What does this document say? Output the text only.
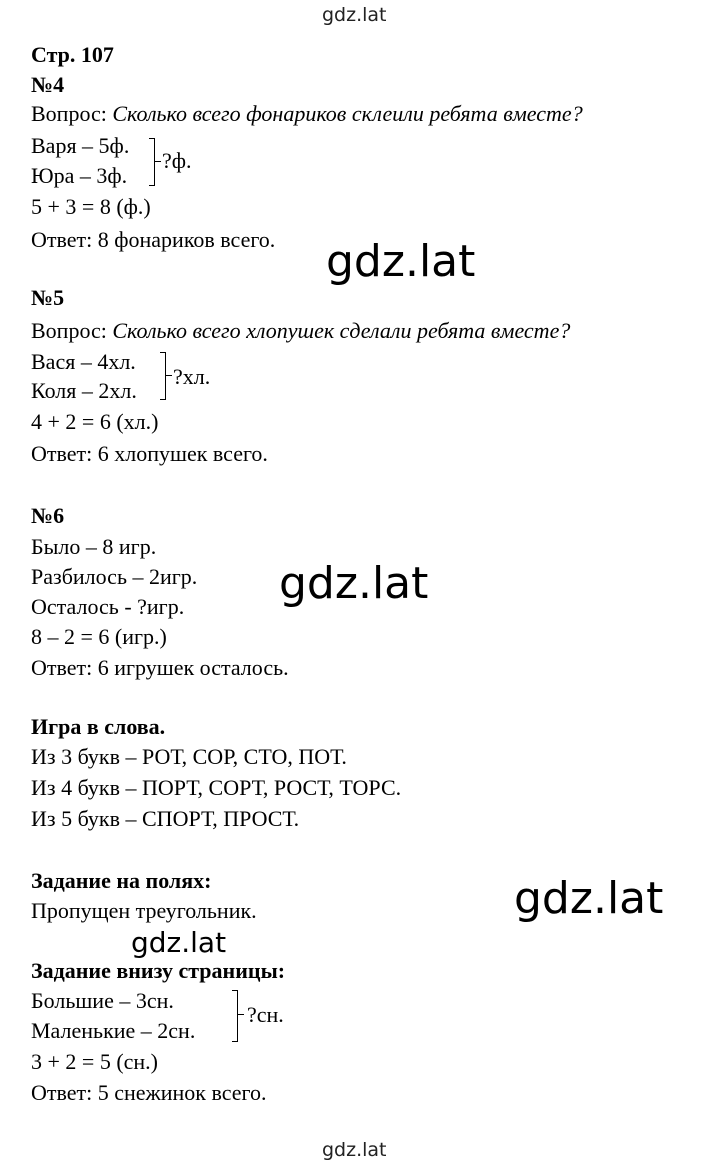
gdz.lat
gdz.lat
gdz.lat
gdz.lat
gdz.lat
gdz.lat
Стр. 107
№4
Вопрос: Сколько всего фонариков склеили ребята вместе?
Варя – 5ф.
Юра – 3ф.
?ф.
5 + 3 = 8 (ф.)
Ответ: 8 фонариков всего.
№5
Вопрос: Сколько всего хлопушек сделали ребята вместе?
Вася – 4хл.
Коля – 2хл.
?хл.
4 + 2 = 6 (хл.)
Ответ: 6 хлопушек всего.
№6
Было – 8 игр.
Разбилось – 2игр.
Осталось - ?игр.
8 – 2 = 6 (игр.)
Ответ: 6 игрушек осталось.
Игра в слова.
Из 3 букв – РОТ, СОР, СТО, ПОТ.
Из 4 букв – ПОРТ, СОРТ, РОСТ, ТОРС.
Из 5 букв – СПОРТ, ПРОСТ.
Задание на полях:
Пропущен треугольник.
Задание внизу страницы:
Большие – 3сн.
Маленькие – 2сн.
?сн.
3 + 2 = 5 (сн.)
Ответ: 5 снежинок всего.
